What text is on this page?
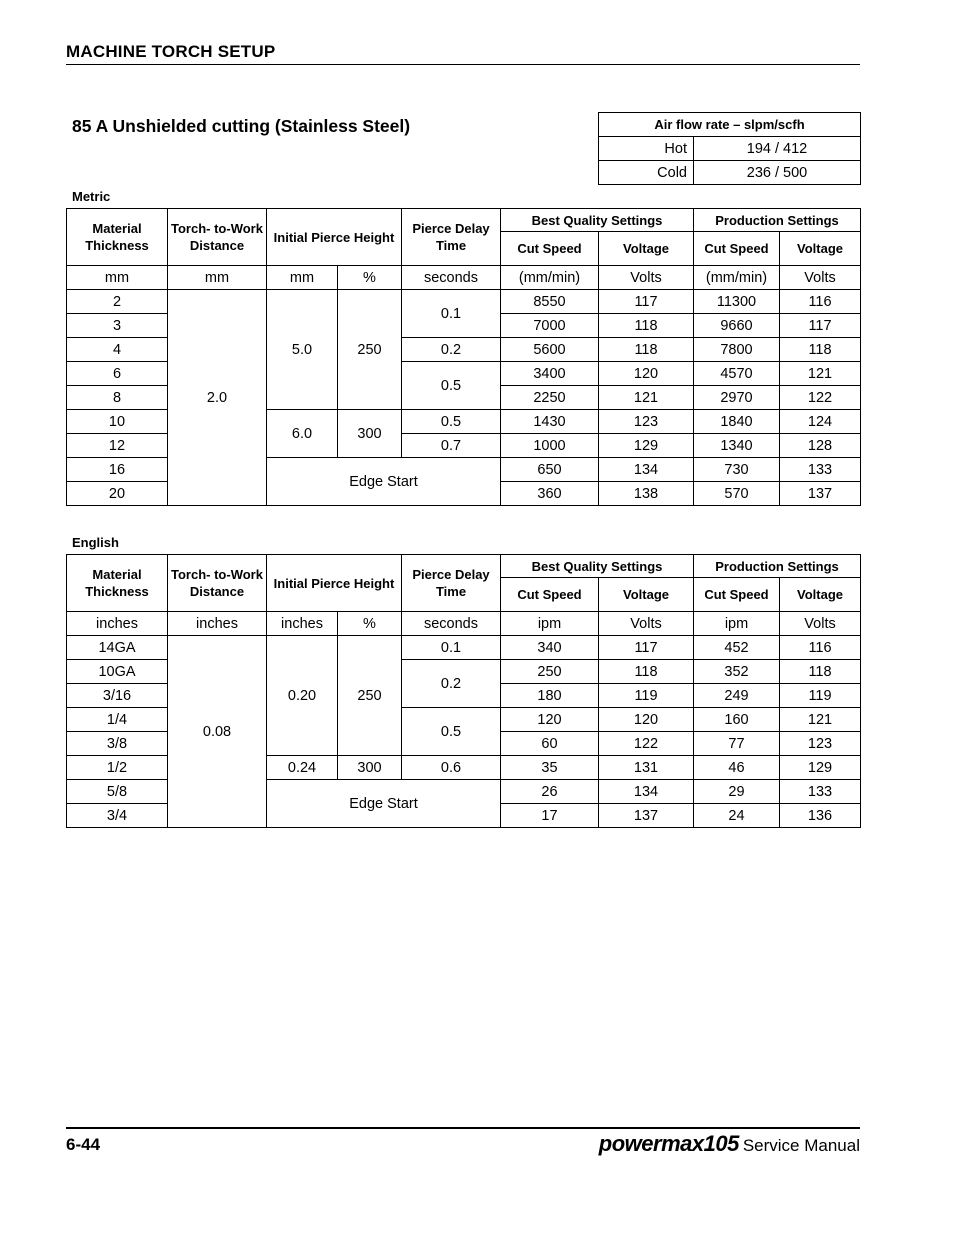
MACHINE TORCH SETUP
85 A Unshielded cutting (Stainless Steel)	Air flow rate – slpm/scfh	
Hot	194 / 412
Cold	236 / 500
Metric
Material Thickness	Torch- to-Work Distance	Initial Pierce Height		Pierce Delay Time	Best Quality Settings		Production Settings	
					Cut Speed	Voltage	Cut Speed	Voltage
mm	mm	mm	%	seconds	(mm/min)	Volts	(mm/min)	Volts
2	2.0	5.0	250	0.1	8550	117	11300	116
3					7000	118	9660	117
4				0.2	5600	118	7800	118
6				0.5	3400	120	4570	121
8					2250	121	2970	122
10		6.0	300	0.5	1430	123	1840	124
12				0.7	1000	129	1340	128
16		Edge Start			650	134	730	133
20					360	138	570	137
English
Material Thickness	Torch- to-Work Distance	Initial Pierce Height		Pierce Delay Time	Best Quality Settings		Production Settings	
					Cut Speed	Voltage	Cut Speed	Voltage
inches	inches	inches	%	seconds	ipm	Volts	ipm	Volts
14GA	0.08	0.20	250	0.1	340	117	452	116
10GA				0.2	250	118	352	118
3/16					180	119	249	119
1/4				0.5	120	120	160	121
3/8					60	122	77	123
1/2		0.24	300	0.6	35	131	46	129
5/8		Edge Start			26	134	29	133
3/4					17	137	24	136
6-44	powermax105 Service Manual
